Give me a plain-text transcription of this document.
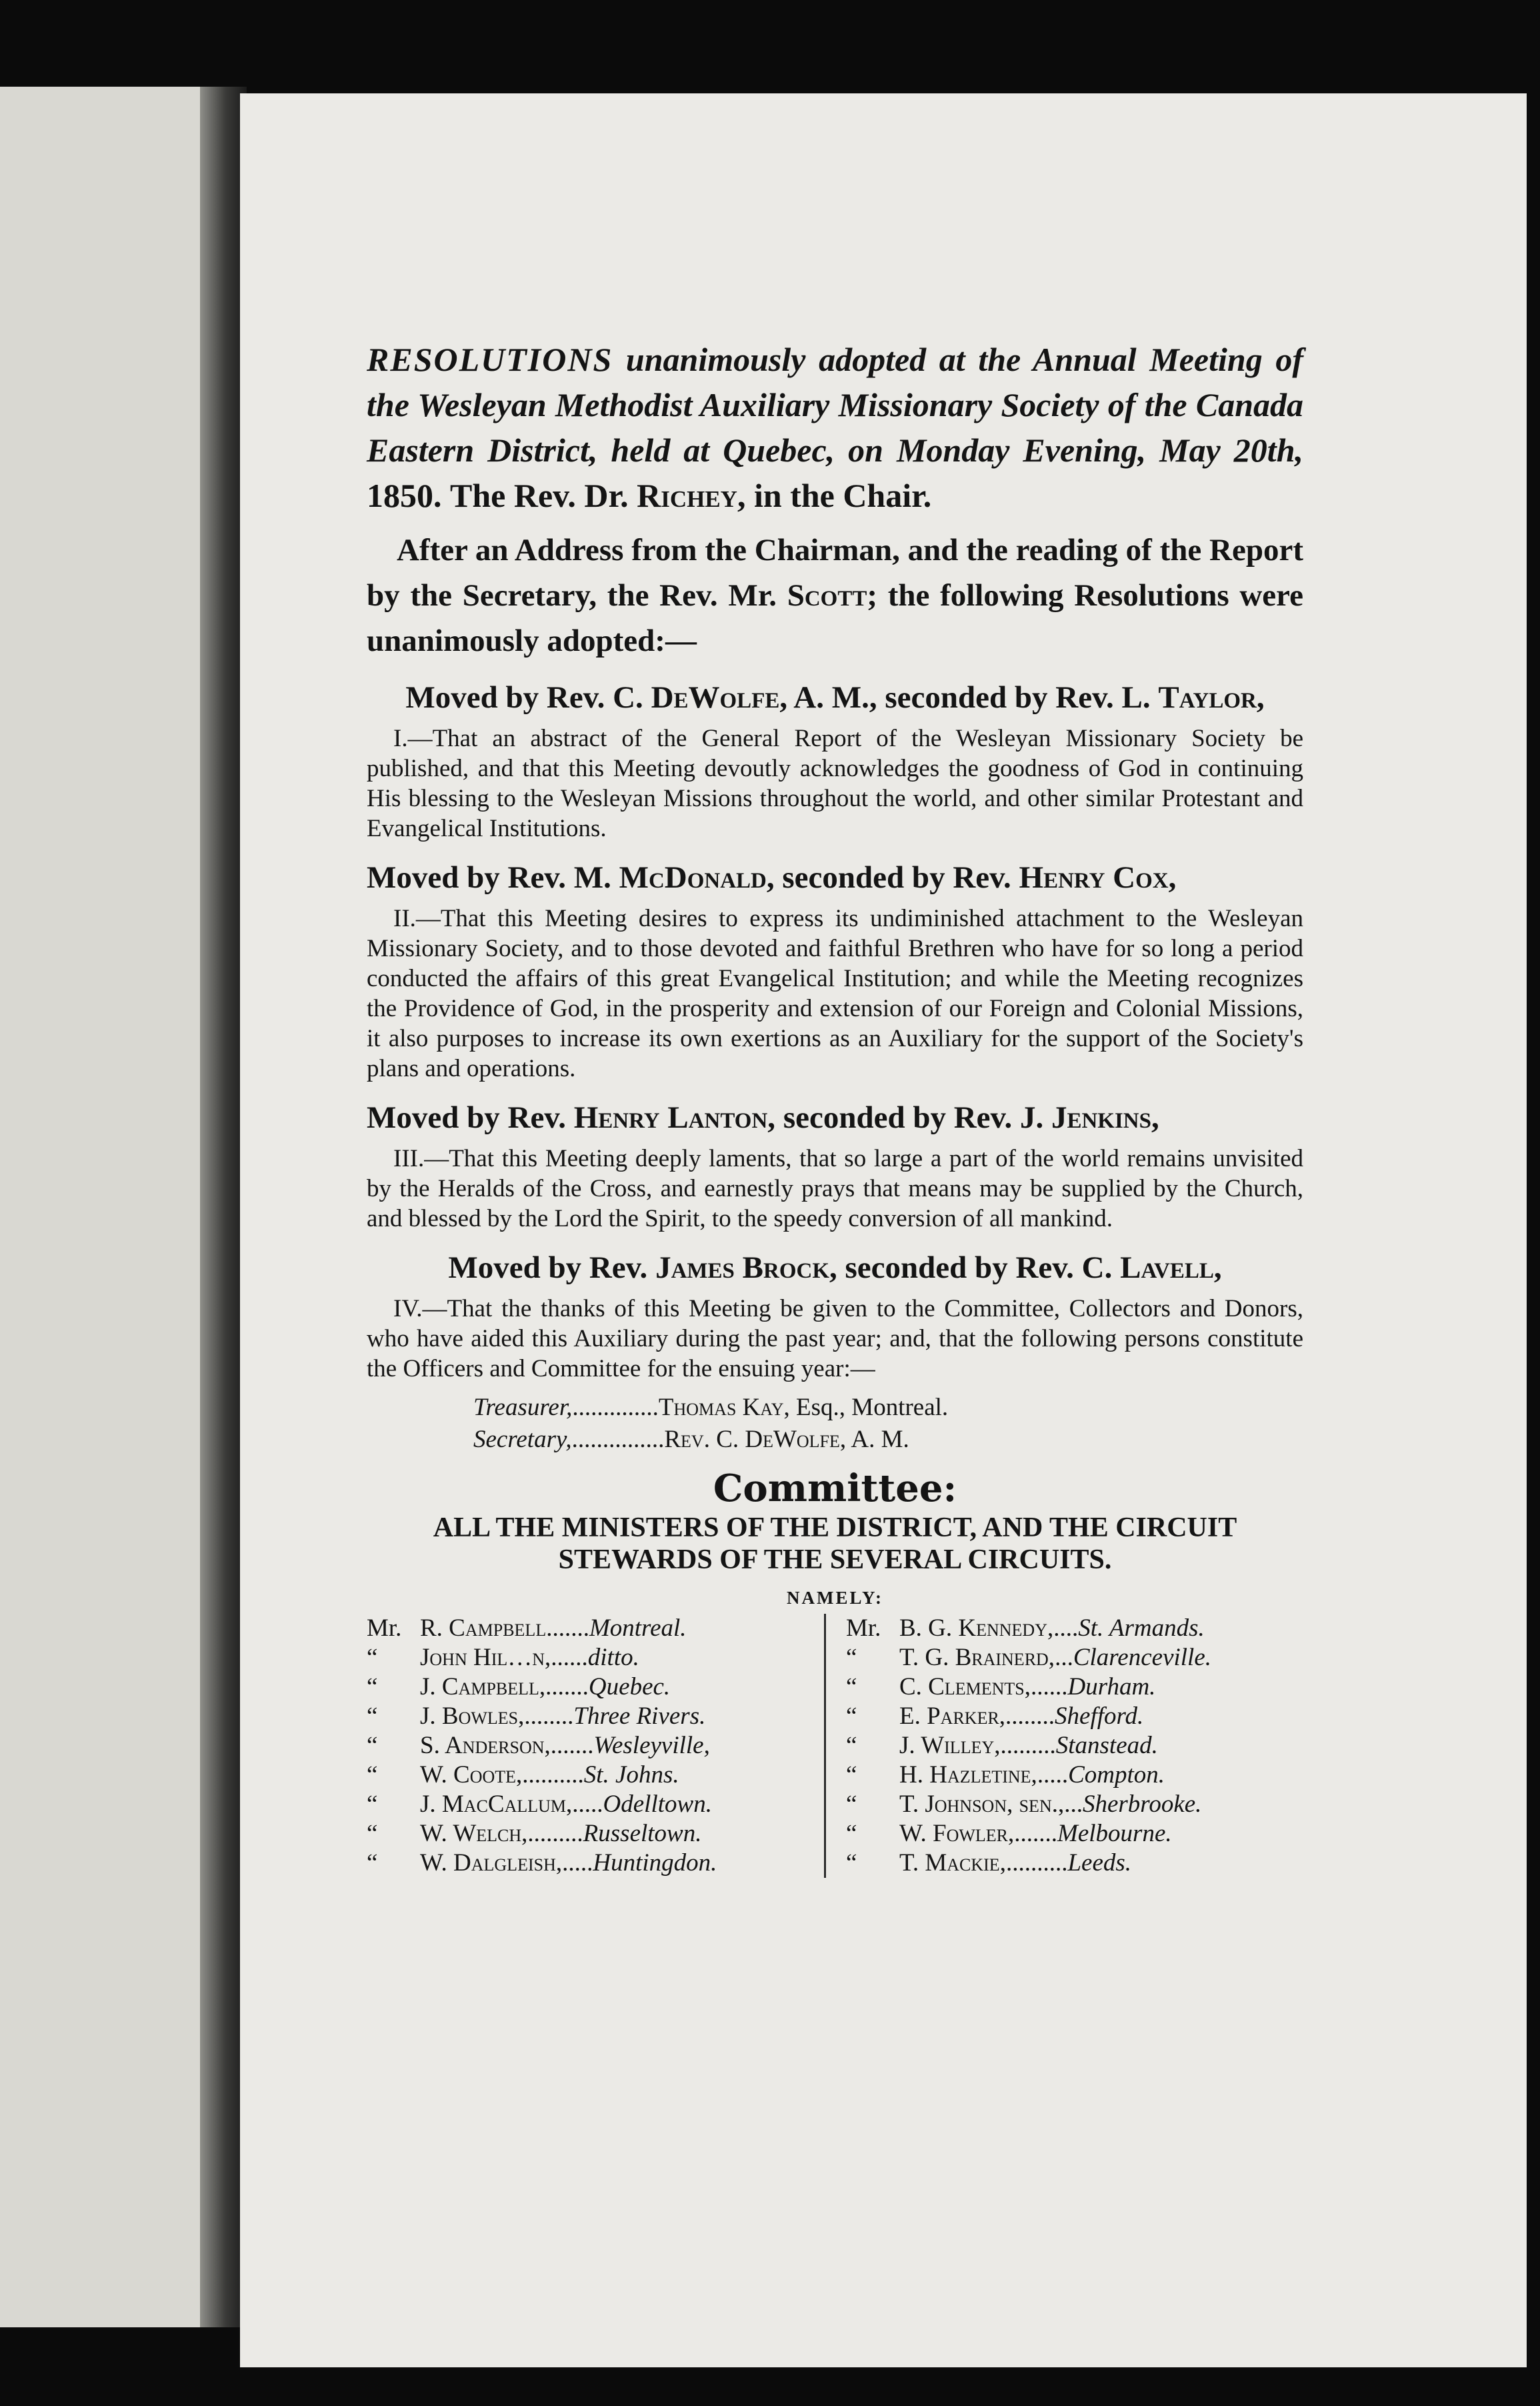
RESOLUTIONS unanimously adopted at the Annual Meeting of the Wesleyan Methodist Auxiliary Missionary Society of the Canada Eastern District, held at Quebec, on Monday Evening, May 20th, 1850. The Rev. Dr. Richey, in the Chair.
After an Address from the Chairman, and the reading of the Report by the Secretary, the Rev. Mr. Scott; the following Resolutions were unanimously adopted:—
Moved by Rev. C. DeWolfe, A. M., seconded by Rev. L. Taylor,
I.—That an abstract of the General Report of the Wesleyan Missionary Society be published, and that this Meeting devoutly acknowledges the goodness of God in continuing His blessing to the Wesleyan Missions throughout the world, and other similar Protestant and Evangelical Institutions.
Moved by Rev. M. McDonald, seconded by Rev. Henry Cox,
II.—That this Meeting desires to express its undiminished attachment to the Wesleyan Missionary Society, and to those devoted and faithful Brethren who have for so long a period conducted the affairs of this great Evangelical Institution; and while the Meeting recognizes the Providence of God, in the prosperity and extension of our Foreign and Colonial Missions, it also purposes to increase its own exertions as an Auxiliary for the support of the Society's plans and operations.
Moved by Rev. Henry Lanton, seconded by Rev. J. Jenkins,
III.—That this Meeting deeply laments, that so large a part of the world remains unvisited by the Heralds of the Cross, and earnestly prays that means may be supplied by the Church, and blessed by the Lord the Spirit, to the speedy conversion of all mankind.
Moved by Rev. James Brock, seconded by Rev. C. Lavell,
IV.—That the thanks of this Meeting be given to the Committee, Collectors and Donors, who have aided this Auxiliary during the past year; and, that the following persons constitute the Officers and Committee for the ensuing year:—
Treasurer,..............Thomas Kay, Esq., Montreal.
Secretary,...............Rev. C. DeWolfe, A. M.
Committee:
ALL THE MINISTERS OF THE DISTRICT, AND THE CIRCUIT STEWARDS OF THE SEVERAL CIRCUITS.
NAMELY:
Mr. R. Campbell. ...... Montreal.
“	John Hil…n, ...... ditto.
“	J. Campbell, ....... Quebec.
“	J. Bowles, ........ Three Rivers.
“	S. Anderson, ....... Wesleyville,
“	W. Coote, .......... St. Johns.
“	J. MacCallum, ..... Odelltown.
“	W. Welch, ......... Russeltown.
“	W. Dalgleish, ..... Huntingdon.
Mr. B. G. Kennedy, .... St. Armands.
“	T. G. Brainerd, ... Clarenceville.
“	C. Clements, ...... Durham.
“	E. Parker, ........ Shefford.
“	J. Willey, ......... Stanstead.
“	H. Hazletine, ..... Compton.
“	T. Johnson, sen., ... Sherbrooke.
“	W. Fowler, ....... Melbourne.
“	T. Mackie, .......... Leeds.
